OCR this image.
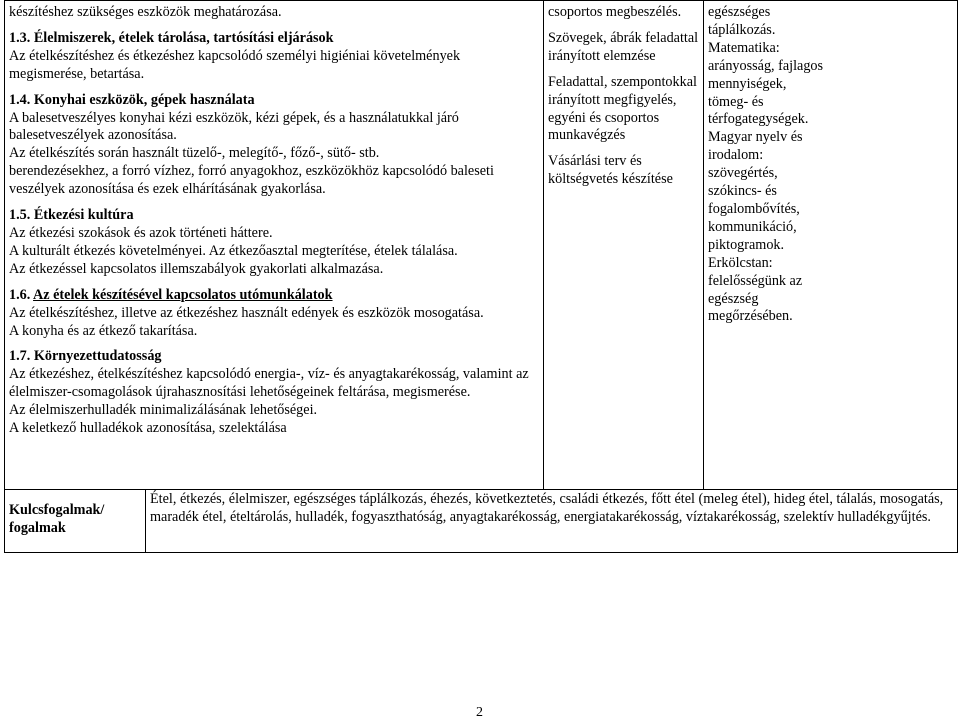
készítéshez szükséges eszközök meghatározása.

1.3. Élelmiszerek, ételek tárolása, tartósítási eljárások

Az ételkészítéshez és étkezéshez kapcsolódó személyi higiéniai követelmények megismerése, betartása.

1.4. Konyhai eszközök, gépek használata

A balesetveszélyes konyhai kézi eszközök, kézi gépek, és a használatukkal járó balesetveszélyek azonosítása.

Az ételkészítés során használt tüzelő-, melegítő-, főző-, sütő- stb.

berendezésekhez, a forró vízhez, forró anyagokhoz, eszközökhöz kapcsolódó baleseti veszélyek azonosítása és ezek elhárításának gyakorlása.

1.5. Étkezési kultúra

Az étkezési szokások és azok történeti háttere.

A kulturált étkezés követelményei. Az étkezőasztal megterítése, ételek tálalása.

Az étkezéssel kapcsolatos illemszabályok gyakorlati alkalmazása.

1.6. Az ételek készítésével kapcsolatos utómunkálatok

Az ételkészítéshez, illetve az étkezéshez használt edények és eszközök mosogatása.

A konyha és az étkező takarítása.

1.7. Környezettudatosság

Az étkezéshez, ételkészítéshez kapcsolódó energia-, víz- és anyagtakarékosság, valamint az élelmiszer-csomagolások újrahasznosítási lehetőségeinek feltárása, megismerése.

Az élelmiszerhulladék minimalizálásának lehetőségei.

A keletkező hulladékok azonosítása, szelektálása

csoportos megbeszélés.

Szövegek, ábrák feladattal irányított elemzése

Feladattal, szempontokkal irányított megfigyelés, egyéni és csoportos munkavégzés

Vásárlási terv és költségvetés készítése

egészséges táplálkozás.

Matematika: arányosság, fajlagos mennyiségek, tömeg- és térfogategységek.

Magyar nyelv és irodalom: szövegértés, szókincs- és fogalombővítés, kommunikáció, piktogramok.

Erkölcstan: felelősségünk az egészség megőrzésében.

Kulcsfogalmak/ fogalmak
Étel, étkezés, élelmiszer, egészséges táplálkozás, éhezés, következtetés, családi étkezés, főtt étel (meleg étel), hideg étel, tálalás, mosogatás, maradék étel, ételtárolás, hulladék, fogyaszthatóság, anyagtakarékosság, energiatakarékosság, víztakarékosság, szelektív hulladékgyűjtés.
2
